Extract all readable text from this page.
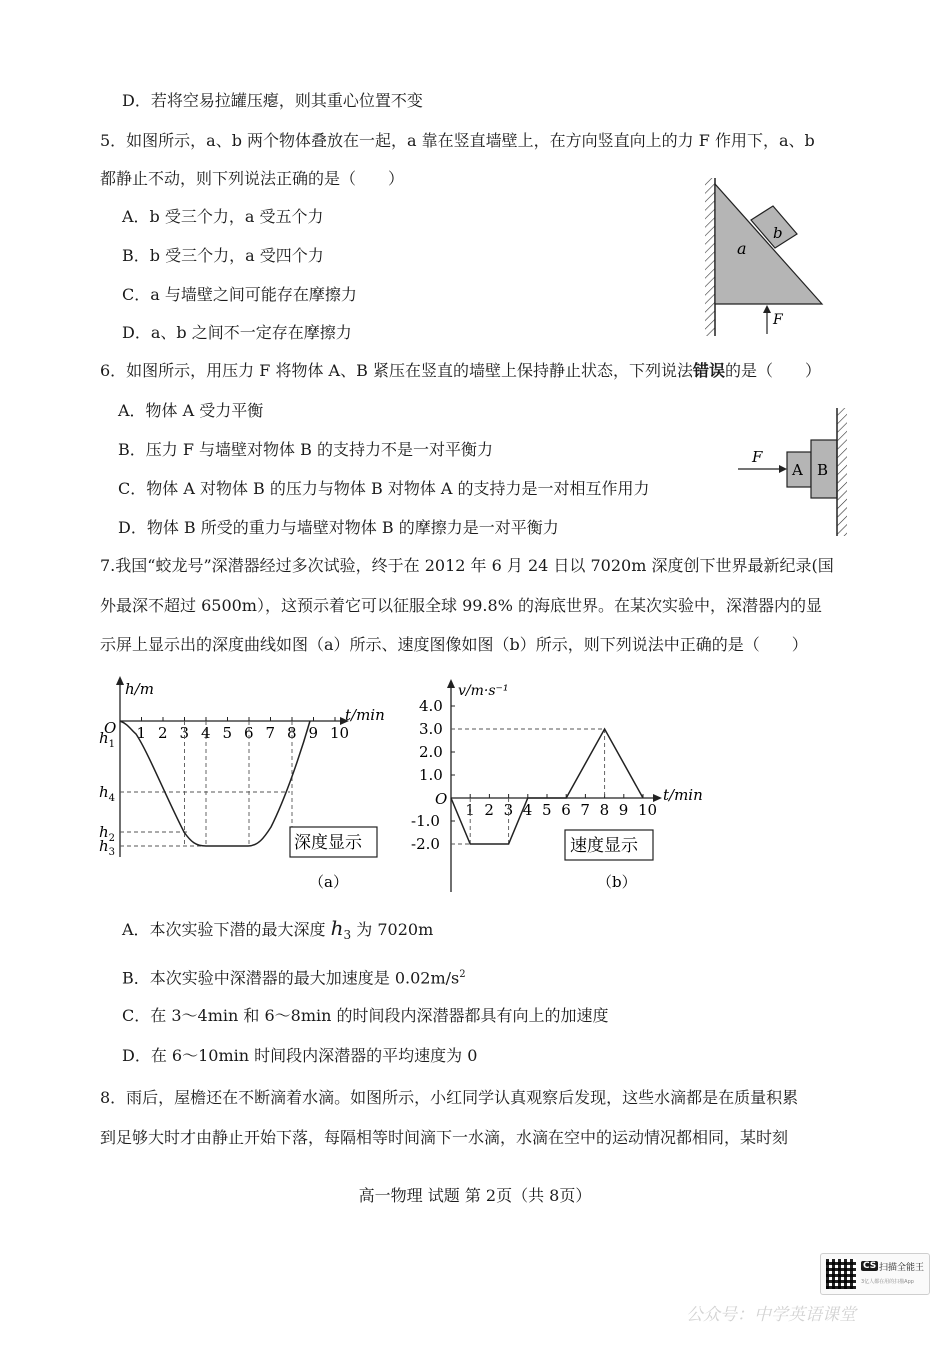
D．若将空易拉罐压瘪，则其重心位置不变
5．如图所示，a、b 两个物体叠放在一起，a 靠在竖直墙壁上，在方向竖直向上的力 F 作用下，a、b
都静止不动，则下列说法正确的是（　　）
A．b 受三个力，a 受五个力
B．b 受三个力，a 受四个力
C．a 与墙壁之间可能存在摩擦力
D．a、b 之间不一定存在摩擦力
a
b
F
6．如图所示，用压力 F 将物体 A、B 紧压在竖直的墙壁上保持静止状态，下列说法错误的是（　　）
A．物体 A 受力平衡
B．压力 F 与墙壁对物体 B 的支持力不是一对平衡力
C．物体 A 对物体 B 的压力与物体 B 对物体 A 的支持力是一对相互作用力
D．物体 B 所受的重力与墙壁对物体 B 的摩擦力是一对平衡力
F
A B
7.我国“蛟龙号”深潜器经过多次试验，终于在 2012 年 6 月 24 日以 7020m 深度创下世界最新纪录(国
外最深不超过 6500m），这预示着它可以征服全球 99.8% 的海底世界。在某次实验中，深潜器内的显
示屏上显示出的深度曲线如图（a）所示、速度图像如图（b）所示，则下列说法中正确的是（　　）
h/m
t/min
O 1 2 3 4 5 6 7 8 9 10
$h_1$
$h_4$
$h_2$
$h_3$	深度显示
（a）
v/m·s⁻¹
t/min
O
4.0
3.0
2.0
1.0
-1.0
-2.0
1 2 3 4 5 6 7 8 9 10
速度显示
（b）
A．本次实验下潜的最大深度 $h_3$ 为 7020m
B．本次实验中深潜器的最大加速度是 $0.02m/s^2$
C．在 3～4min 和 6～8min 的时间段内深潜器都具有向上的加速度
D．在 6～10min 时间段内深潜器的平均速度为 0
8．雨后，屋檐还在不断滴着水滴。如图所示，小红同学认真观察后发现，这些水滴都是在质量积累
到足够大时才由静止开始下落，每隔相等时间滴下一水滴，水滴在空中的运动情况都相同，某时刻
高一物理 试题 第 2页（共 8页）
CS 扫描全能王
3亿人都在用的扫描App
公众号：中学英语课堂
